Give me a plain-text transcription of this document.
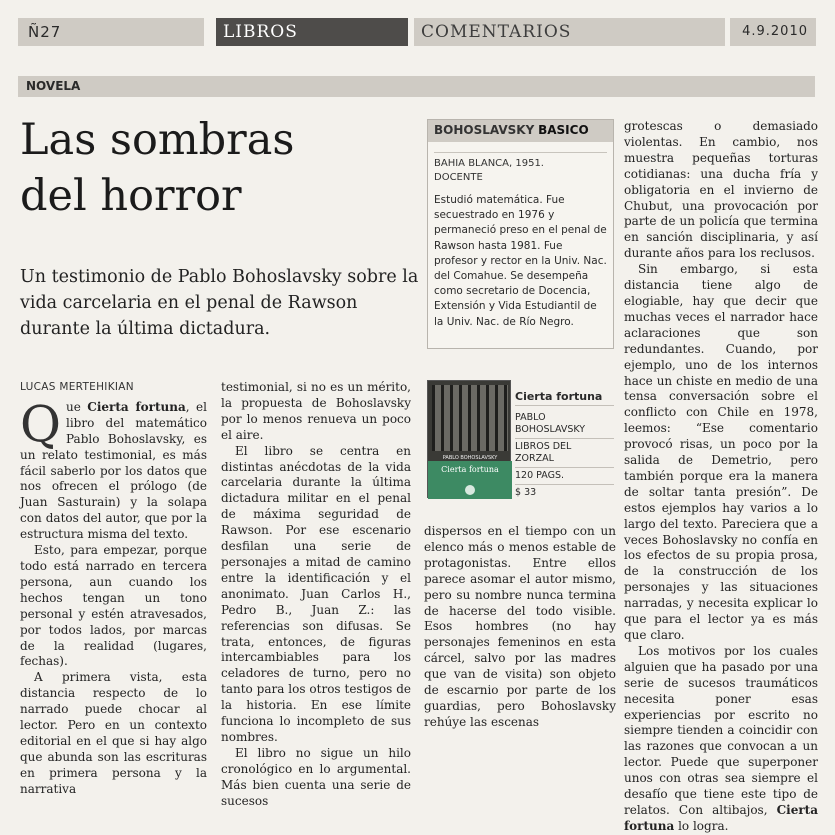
Ñ27	LIBROS	COMENTARIOS	4.9.2010
NOVELA
Las sombras
del horror
Un testimonio de Pablo Bohoslavsky sobre la vida carcelaria en el penal de Rawson durante la última dictadura.
LUCAS MERTEHIKIAN

Que Cierta fortuna, el libro del matemático Pablo Bohoslavsky, es un relato testimonial, es más fácil saberlo por los datos que nos ofrecen el prólogo (de Juan Sasturain) y la solapa con datos del autor, que por la estructura misma del texto.

Esto, para empezar, porque todo está narrado en tercera persona, aun cuando los hechos tengan un tono personal y estén atravesados, por todos lados, por marcas de la realidad (lugares, fechas).

A primera vista, esta distancia respecto de lo narrado puede chocar al lector. Pero en un contexto editorial en el que si hay algo que abunda son las escrituras en primera persona y la narrativa

testimonial, si no es un mérito, la propuesta de Bohoslavsky por lo menos renueva un poco el aire.

El libro se centra en distintas anécdotas de la vida carcelaria durante la última dictadura militar en el penal de máxima seguridad de Rawson. Por ese escenario desfilan una serie de personajes a mitad de camino entre la identificación y el anonimato. Juan Carlos H., Pedro B., Juan Z.: las referencias son difusas. Se trata, entonces, de figuras intercambiables para los celadores de turno, pero no tanto para los otros testigos de la historia. En ese límite funciona lo incompleto de sus nombres.

El libro no sigue un hilo cronológico en lo argumental. Más bien cuenta una serie de sucesos

BOHOSLAVSKY BASICO
BAHIA BLANCA, 1951.
DOCENTE
Estudió matemática. Fue secuestrado en 1976 y permaneció preso en el penal de Rawson hasta 1981. Fue profesor y rector en la Univ. Nac. del Comahue. Se desempeña como secretario de Docencia, Extensión y Vida Estudiantil de la Univ. Nac. de Río Negro.
PABLO BOHOSLAVSKY
Cierta fortuna
Cierta fortuna
PABLO
BOHOSLAVSKY
LIBROS DEL
ZORZAL
120 PAGS.
$ 33

dispersos en el tiempo con un elenco más o menos estable de protagonistas. Entre ellos parece asomar el autor mismo, pero su nombre nunca termina de hacerse del todo visible. Esos hombres (no hay personajes femeninos en esta cárcel, salvo por las madres que van de visita) son objeto de escarnio por parte de los guardias, pero Bohoslavsky rehúye las escenas

grotescas o demasiado violentas. En cambio, nos muestra pequeñas torturas cotidianas: una ducha fría y obligatoria en el invierno de Chubut, una provocación por parte de un policía que termina en sanción disciplinaria, y así durante años para los reclusos.

Sin embargo, si esta distancia tiene algo de elogiable, hay que decir que muchas veces el narrador hace aclaraciones que son redundantes. Cuando, por ejemplo, uno de los internos hace un chiste en medio de una tensa conversación sobre el conflicto con Chile en 1978, leemos: “Ese comentario provocó risas, un poco por la salida de Demetrio, pero también porque era la manera de soltar tanta presión”. De estos ejemplos hay varios a lo largo del texto. Pareciera que a veces Bohoslavsky no confía en los efectos de su propia prosa, de la construcción de los personajes y las situaciones narradas, y necesita explicar lo que para el lector ya es más que claro.

Los motivos por los cuales alguien que ha pasado por una serie de sucesos traumáticos necesita poner esas experiencias por escrito no siempre tienden a coincidir con las razones que convocan a un lector. Puede que superponer unos con otras sea siempre el desafío que tiene este tipo de relatos. Con altibajos, Cierta fortuna lo logra.
